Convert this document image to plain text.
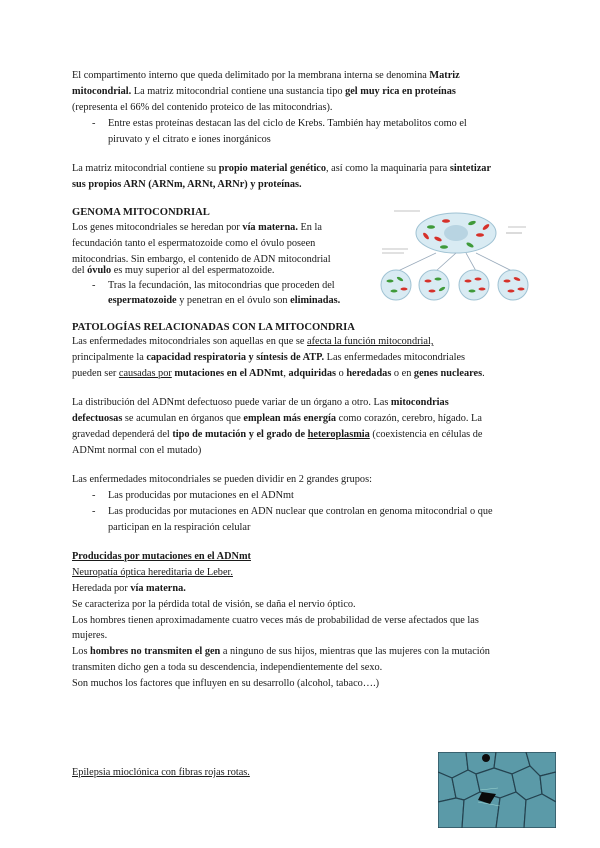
El compartimento interno que queda delimitado por la membrana interna se denomina Matriz
mitocondrial. La matriz mitocondrial contiene una sustancia tipo gel muy rica en proteínas
(representa el 66% del contenido proteico de las mitocondrias).
- Entre estas proteínas destacan las del ciclo de Krebs. También hay metabolitos como el
piruvato y el citrato e iones inorgánicos
La matriz mitocondrial contiene su propio material genético, así como la maquinaria para sintetizar
sus propios ARN (ARNm, ARNt, ARNr) y proteínas.
GENOMA MITOCONDRIAL
Los genes mitocondriales se heredan por vía materna. En la
fecundación tanto el espermatozoide como el óvulo poseen
mitocondrias. Sin embargo, el contenido de ADN mitocondrial
del óvulo es muy superior al del espermatozoide.
- Tras la fecundación, las mitocondrias que proceden del
espermatozoide y penetran en el óvulo son eliminadas.
PATOLOGÍAS RELACIONADAS CON LA MITOCONDRIA
Las enfermedades mitocondriales son aquellas en que se afecta la función mitocondrial,
principalmente la capacidad respiratoria y síntesis de ATP. Las enfermedades mitocondriales
pueden ser causadas por mutaciones en el ADNmt, adquiridas o heredadas o en genes nucleares.
La distribución del ADNmt defectuoso puede variar de un órgano a otro. Las mitocondrias
defectuosas se acumulan en órganos que emplean más energía como corazón, cerebro, hígado. La
gravedad dependerá del tipo de mutación y el grado de heteroplasmia (coexistencia en células de
ADNmt normal con el mutado)
Las enfermedades mitocondriales se pueden dividir en 2 grandes grupos:
- Las producidas por mutaciones en el ADNmt
- Las producidas por mutaciones en ADN nuclear que controlan en genoma mitocondrial o que
participan en la respiración celular
Producidas por mutaciones en el ADNmt
Neuropatía óptica hereditaria de Leber.
Heredada por vía materna.
Se caracteriza por la pérdida total de visión, se daña el nervio óptico.
Los hombres tienen aproximadamente cuatro veces más de probabilidad de verse afectados que las
mujeres.
Los hombres no transmiten el gen a ninguno de sus hijos, mientras que las mujeres con la mutación
transmiten dicho gen a toda su descendencia, independientemente del sexo.
Son muchos los factores que influyen en su desarrollo (alcohol, tabaco….)
Epilepsia mioclónica con fibras rojas rotas.
